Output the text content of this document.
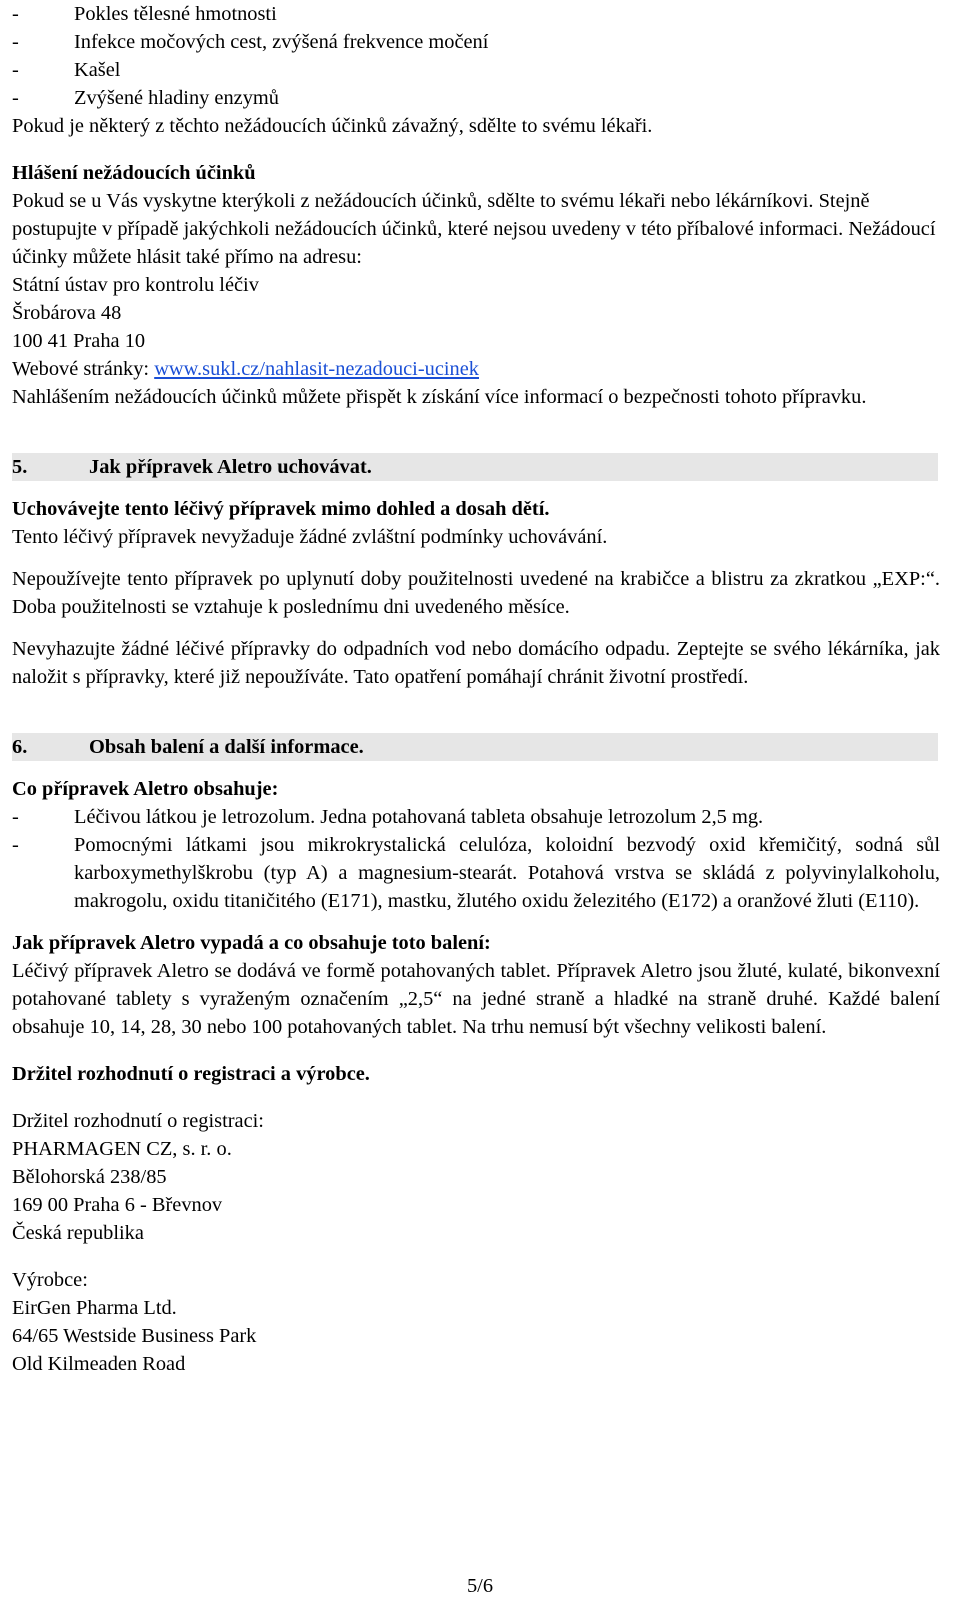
-	Pokles tělesné hmotnosti

-	Infekce močových cest, zvýšená frekvence močení

-	Kašel

-	Zvýšené hladiny enzymů

Pokud je některý z těchto nežádoucích účinků závažný, sdělte to svému lékaři.

Hlášení nežádoucích účinků

Pokud se u Vás vyskytne kterýkoli z nežádoucích účinků, sdělte to svému lékaři nebo lékárníkovi. Stejně postupujte v případě jakýchkoli nežádoucích účinků, které nejsou uvedeny v této příbalové informaci. Nežádoucí účinky můžete hlásit také přímo na adresu:

Státní ústav pro kontrolu léčiv

Šrobárova 48

100 41 Praha 10

Webové stránky: www.sukl.cz/nahlasit-nezadouci-ucinek

Nahlášením nežádoucích účinků můžete přispět k získání více informací o bezpečnosti tohoto přípravku.

5.	Jak přípravek Aletro uchovávat.

Uchovávejte tento léčivý přípravek mimo dohled a dosah dětí.

Tento léčivý přípravek nevyžaduje žádné zvláštní podmínky uchovávání.

Nepoužívejte tento přípravek po uplynutí doby použitelnosti uvedené na krabičce a blistru za zkratkou „EXP:“. Doba použitelnosti se vztahuje k poslednímu dni uvedeného měsíce.

Nevyhazujte žádné léčivé přípravky do odpadních vod nebo domácího odpadu. Zeptejte se svého lékárníka, jak naložit s přípravky, které již nepoužíváte. Tato opatření pomáhají chránit životní prostředí.

6.	Obsah balení a další informace.

Co přípravek Aletro obsahuje:

-	Léčivou látkou je letrozolum. Jedna potahovaná tableta obsahuje letrozolum 2,5 mg.

-	Pomocnými látkami jsou mikrokrystalická celulóza, koloidní bezvodý oxid křemičitý, sodná sůl karboxymethylškrobu (typ A) a magnesium-stearát. Potahová vrstva se skládá z polyvinylalkoholu, makrogolu, oxidu titaničitého (E171), mastku, žlutého oxidu železitého (E172) a oranžové žluti (E110).

Jak přípravek Aletro vypadá a co obsahuje toto balení:

Léčivý přípravek Aletro se dodává ve formě potahovaných tablet. Přípravek Aletro jsou žluté, kulaté, bikonvexní potahované tablety s vyraženým označením „2,5“ na jedné straně a hladké na straně druhé. Každé balení obsahuje 10, 14, 28, 30 nebo 100 potahovaných tablet. Na trhu nemusí být všechny velikosti balení.

Držitel rozhodnutí o registraci a výrobce.

Držitel rozhodnutí o registraci:

PHARMAGEN CZ, s. r. o.

Bělohorská 238/85

169 00 Praha 6 - Břevnov

Česká republika

Výrobce:

EirGen Pharma Ltd.

64/65 Westside Business Park

Old Kilmeaden Road

5/6
